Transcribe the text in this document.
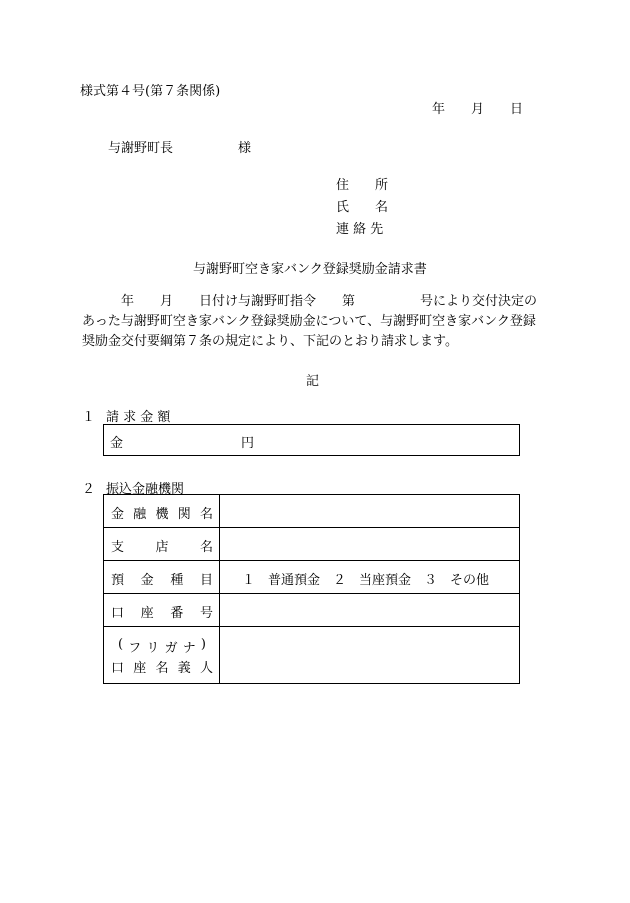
様式第４号(第７条関係)
年　　月　　日
与謝野町長　　　　　様
住　　所
氏　　名
連 絡 先
与謝野町空き家バンク登録奨励金請求書
　　　年　　月　　日付け与謝野町指令　　第　　　　　号により交付決定の
あった与謝野町空き家バンク登録奨励金について、与謝野町空き家バンク登録
奨励金交付要綱第７条の規定により、下記のとおり請求します。
記
１ 請 求 金 額
金	円
２ 振込金融機関
金 融 機 関 名
支 店 名
預 金 種 目 １　普通預金　２　当座預金　３　その他
口 座 番 号
( フ リ ガ ナ )
口 座 名 義 人
